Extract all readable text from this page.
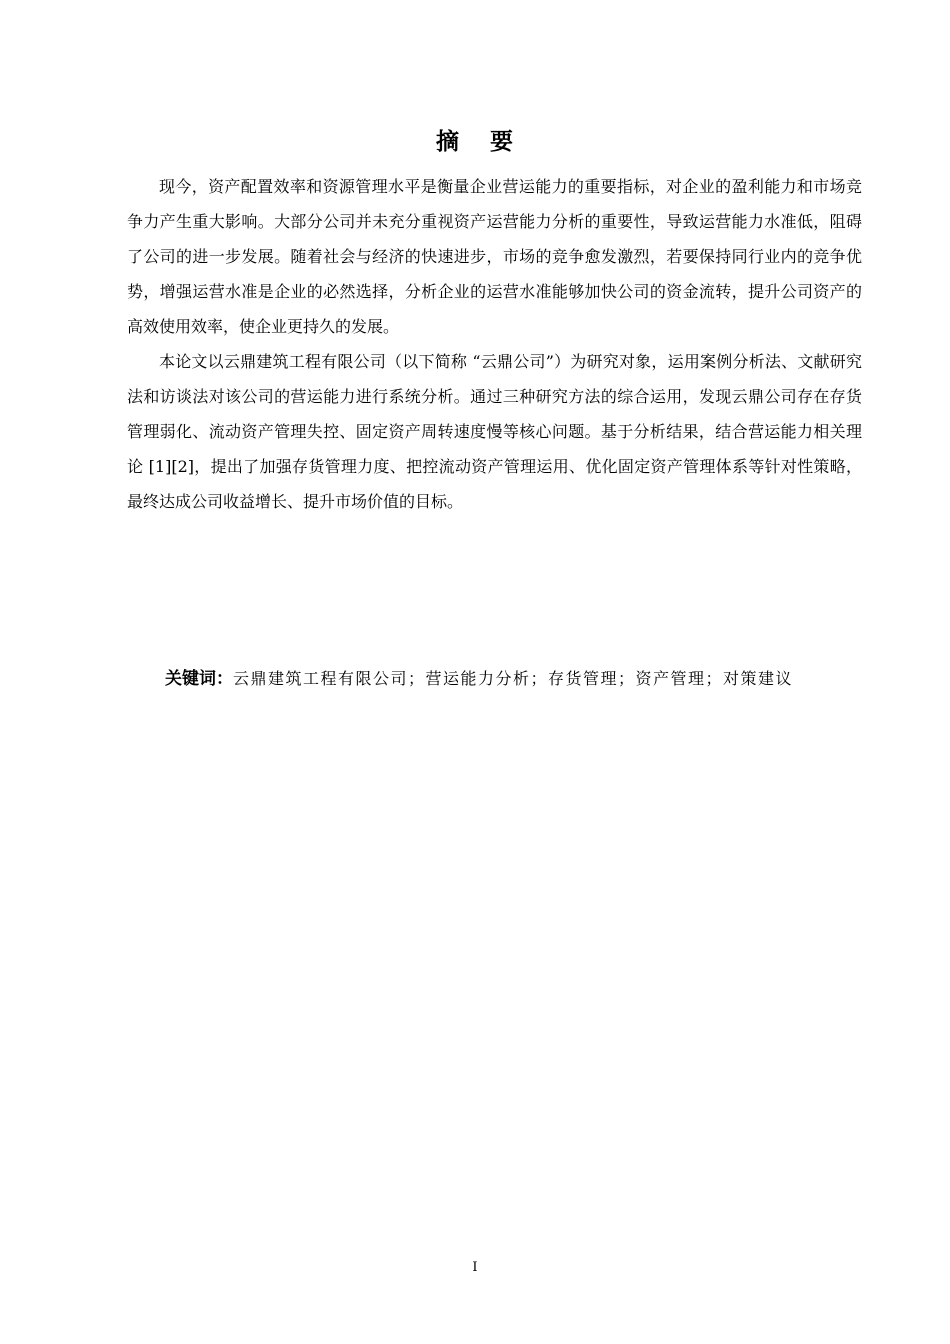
摘 要

现今，资产配置效率和资源管理水平是衡量企业营运能力的重要指标，对企业的盈利能力和市场竞争力产生重大影响。大部分公司并未充分重视资产运营能力分析的重要性，导致运营能力水准低，阻碍了公司的进一步发展。随着社会与经济的快速进步，市场的竞争愈发激烈，若要保持同行业内的竞争优势，增强运营水准是企业的必然选择，分析企业的运营水准能够加快公司的资金流转，提升公司资产的高效使用效率，使企业更持久的发展。

本论文以云鼎建筑工程有限公司（以下简称 “云鼎公司”）为研究对象，运用案例分析法、文献研究法和访谈法对该公司的营运能力进行系统分析。通过三种研究方法的综合运用，发现云鼎公司存在存货管理弱化、流动资产管理失控、固定资产周转速度慢等核心问题。基于分析结果，结合营运能力相关理论 [1][2]，提出了加强存货管理力度、把控流动资产管理运用、优化固定资产管理体系等针对性策略，最终达成公司收益增长、提升市场价值的目标。

关键词：云鼎建筑工程有限公司；营运能力分析；存货管理；资产管理；对策建议
I
